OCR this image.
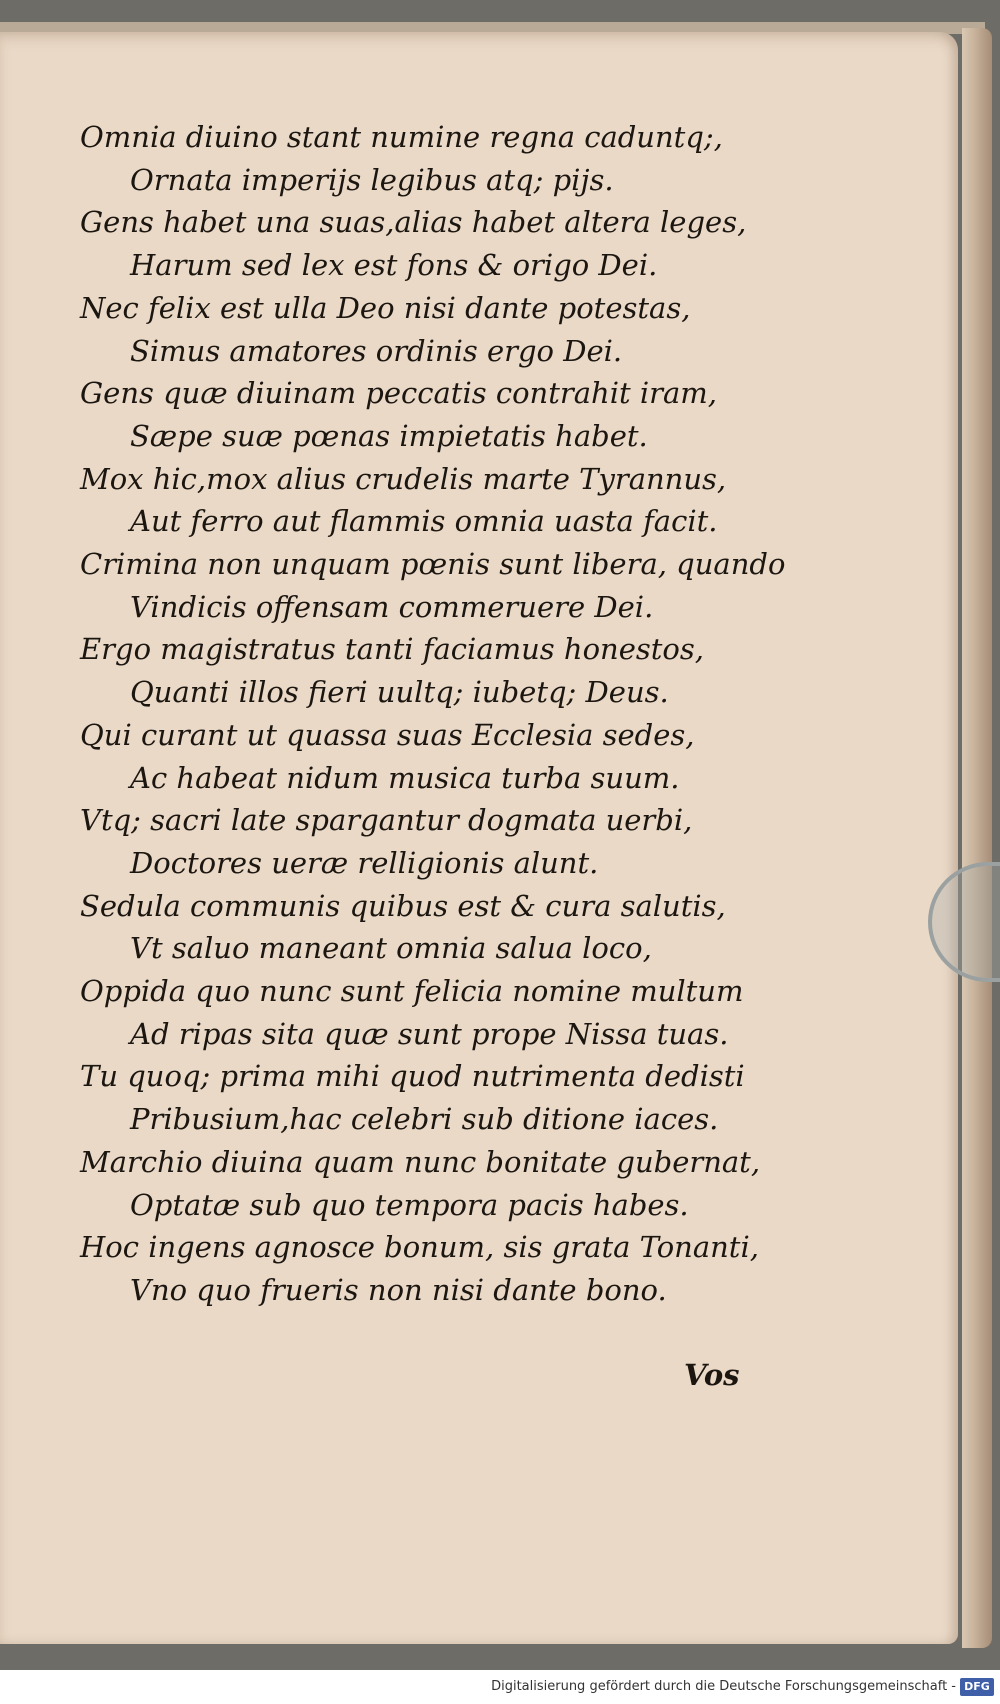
Omnia diuino stant numine regna caduntq;,
Ornata imperijs legibus atq; pijs.
Gens habet una suas,alias habet altera leges,
Harum sed lex est fons & origo Dei.
Nec felix est ulla Deo nisi dante potestas,
Simus amatores ordinis ergo Dei.
Gens quæ diuinam peccatis contrahit iram,
Sæpe suæ pœnas impietatis habet.
Mox hic,mox alius crudelis marte Tyrannus,
Aut ferro aut flammis omnia uasta facit.
Crimina non unquam pœnis sunt libera, quando
Vindicis offensam commeruere Dei.
Ergo magistratus tanti faciamus honestos,
Quanti illos fieri uultq; iubetq; Deus.
Qui curant ut quassa suas Ecclesia sedes,
Ac habeat nidum musica turba suum.
Vtq; sacri late spargantur dogmata uerbi,
Doctores ueræ relligionis alunt.
Sedula communis quibus est & cura salutis,
Vt saluo maneant omnia salua loco,
Oppida quo nunc sunt felicia nomine multum
Ad ripas sita quæ sunt prope Nissa tuas.
Tu quoq; prima mihi quod nutrimenta dedisti
Pribusium,hac celebri sub ditione iaces.
Marchio diuina quam nunc bonitate gubernat,
Optatæ sub quo tempora pacis habes.
Hoc ingens agnosce bonum, sis grata Tonanti,
Vno quo frueris non nisi dante bono.
Vos
Digitalisierung gefördert durch die Deutsche Forschungsgemeinschaft - DFG
